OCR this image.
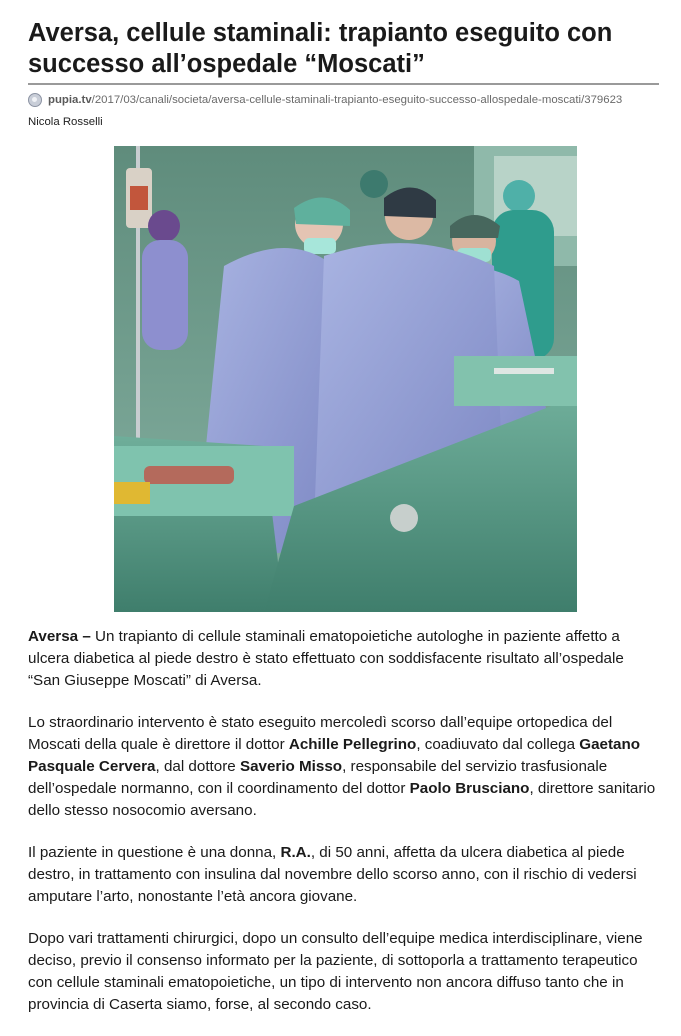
Aversa, cellule staminali: trapianto eseguito con successo all’ospedale “Moscati”
pupia.tv /2017/03/canali/societa/aversa-cellule-staminali-trapianto-eseguito-successo-allospedale-moscati/379623
Nicola Rosselli

Aversa – Un trapianto di cellule staminali ematopoietiche autologhe in paziente affetto a ulcera diabetica al piede destro è stato effettuato con soddisfacente risultato all’ospedale “San Giuseppe Moscati” di Aversa.

Lo straordinario intervento è stato eseguito mercoledì scorso dall’equipe ortopedica del Moscati della quale è direttore il dottor Achille Pellegrino, coadiuvato dal collega Gaetano Pasquale Cervera, dal dottore Saverio Misso, responsabile del servizio trasfusionale dell’ospedale normanno, con il coordinamento del dottor Paolo Brusciano, direttore sanitario dello stesso nosocomio aversano.

Il paziente in questione è una donna, R.A., di 50 anni, affetta da ulcera diabetica al piede destro, in trattamento con insulina dal novembre dello scorso anno, con il rischio di vedersi amputare l’arto, nonostante l’età ancora giovane.

Dopo vari trattamenti chirurgici, dopo un consulto dell’equipe medica interdisciplinare, viene deciso, previo il consenso informato per la paziente, di sottoporla a trattamento terapeutico con cellule staminali ematopoietiche, un tipo di intervento non ancora diffuso tanto che in provincia di Caserta siamo, forse, al secondo caso.
